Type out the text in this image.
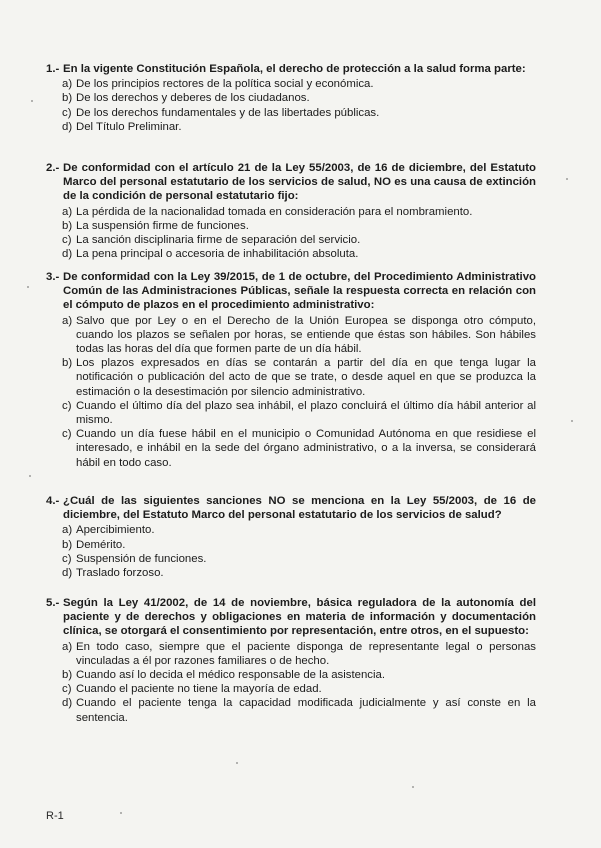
1.- En la vigente Constitución Española, el derecho de protección a la salud forma parte:
a) De los principios rectores de la política social y económica.
b) De los derechos y deberes de los ciudadanos.
c) De los derechos fundamentales y de las libertades públicas.
d) Del Título Preliminar.
2.- De conformidad con el artículo 21 de la Ley 55/2003, de 16 de diciembre, del Estatuto Marco del personal estatutario de los servicios de salud, NO es una causa de extinción de la condición de personal estatutario fijo:
a) La pérdida de la nacionalidad tomada en consideración para el nombramiento.
b) La suspensión firme de funciones.
c) La sanción disciplinaria firme de separación del servicio.
d) La pena principal o accesoria de inhabilitación absoluta.
3.- De conformidad con la Ley 39/2015, de 1 de octubre, del Procedimiento Administrativo Común de las Administraciones Públicas, señale la respuesta correcta en relación con el cómputo de plazos en el procedimiento administrativo:
a) Salvo que por Ley o en el Derecho de la Unión Europea se disponga otro cómputo, cuando los plazos se señalen por horas, se entiende que éstas son hábiles. Son hábiles todas las horas del día que formen parte de un día hábil.
b) Los plazos expresados en días se contarán a partir del día en que tenga lugar la notificación o publicación del acto de que se trate, o desde aquel en que se produzca la estimación o la desestimación por silencio administrativo.
c) Cuando el último día del plazo sea inhábil, el plazo concluirá el último día hábil anterior al mismo.
c) Cuando un día fuese hábil en el municipio o Comunidad Autónoma en que residiese el interesado, e inhábil en la sede del órgano administrativo, o a la inversa, se considerará hábil en todo caso.
4.- ¿Cuál de las siguientes sanciones NO se menciona en la Ley 55/2003, de 16 de diciembre, del Estatuto Marco del personal estatutario de los servicios de salud?
a) Apercibimiento.
b) Demérito.
c) Suspensión de funciones.
d) Traslado forzoso.
5.- Según la Ley 41/2002, de 14 de noviembre, básica reguladora de la autonomía del paciente y de derechos y obligaciones en materia de información y documentación clínica, se otorgará el consentimiento por representación, entre otros, en el supuesto:
a) En todo caso, siempre que el paciente disponga de representante legal o personas vinculadas a él por razones familiares o de hecho.
b) Cuando así lo decida el médico responsable de la asistencia.
c) Cuando el paciente no tiene la mayoría de edad.
d) Cuando el paciente tenga la capacidad modificada judicialmente y así conste en la sentencia.
R-1
